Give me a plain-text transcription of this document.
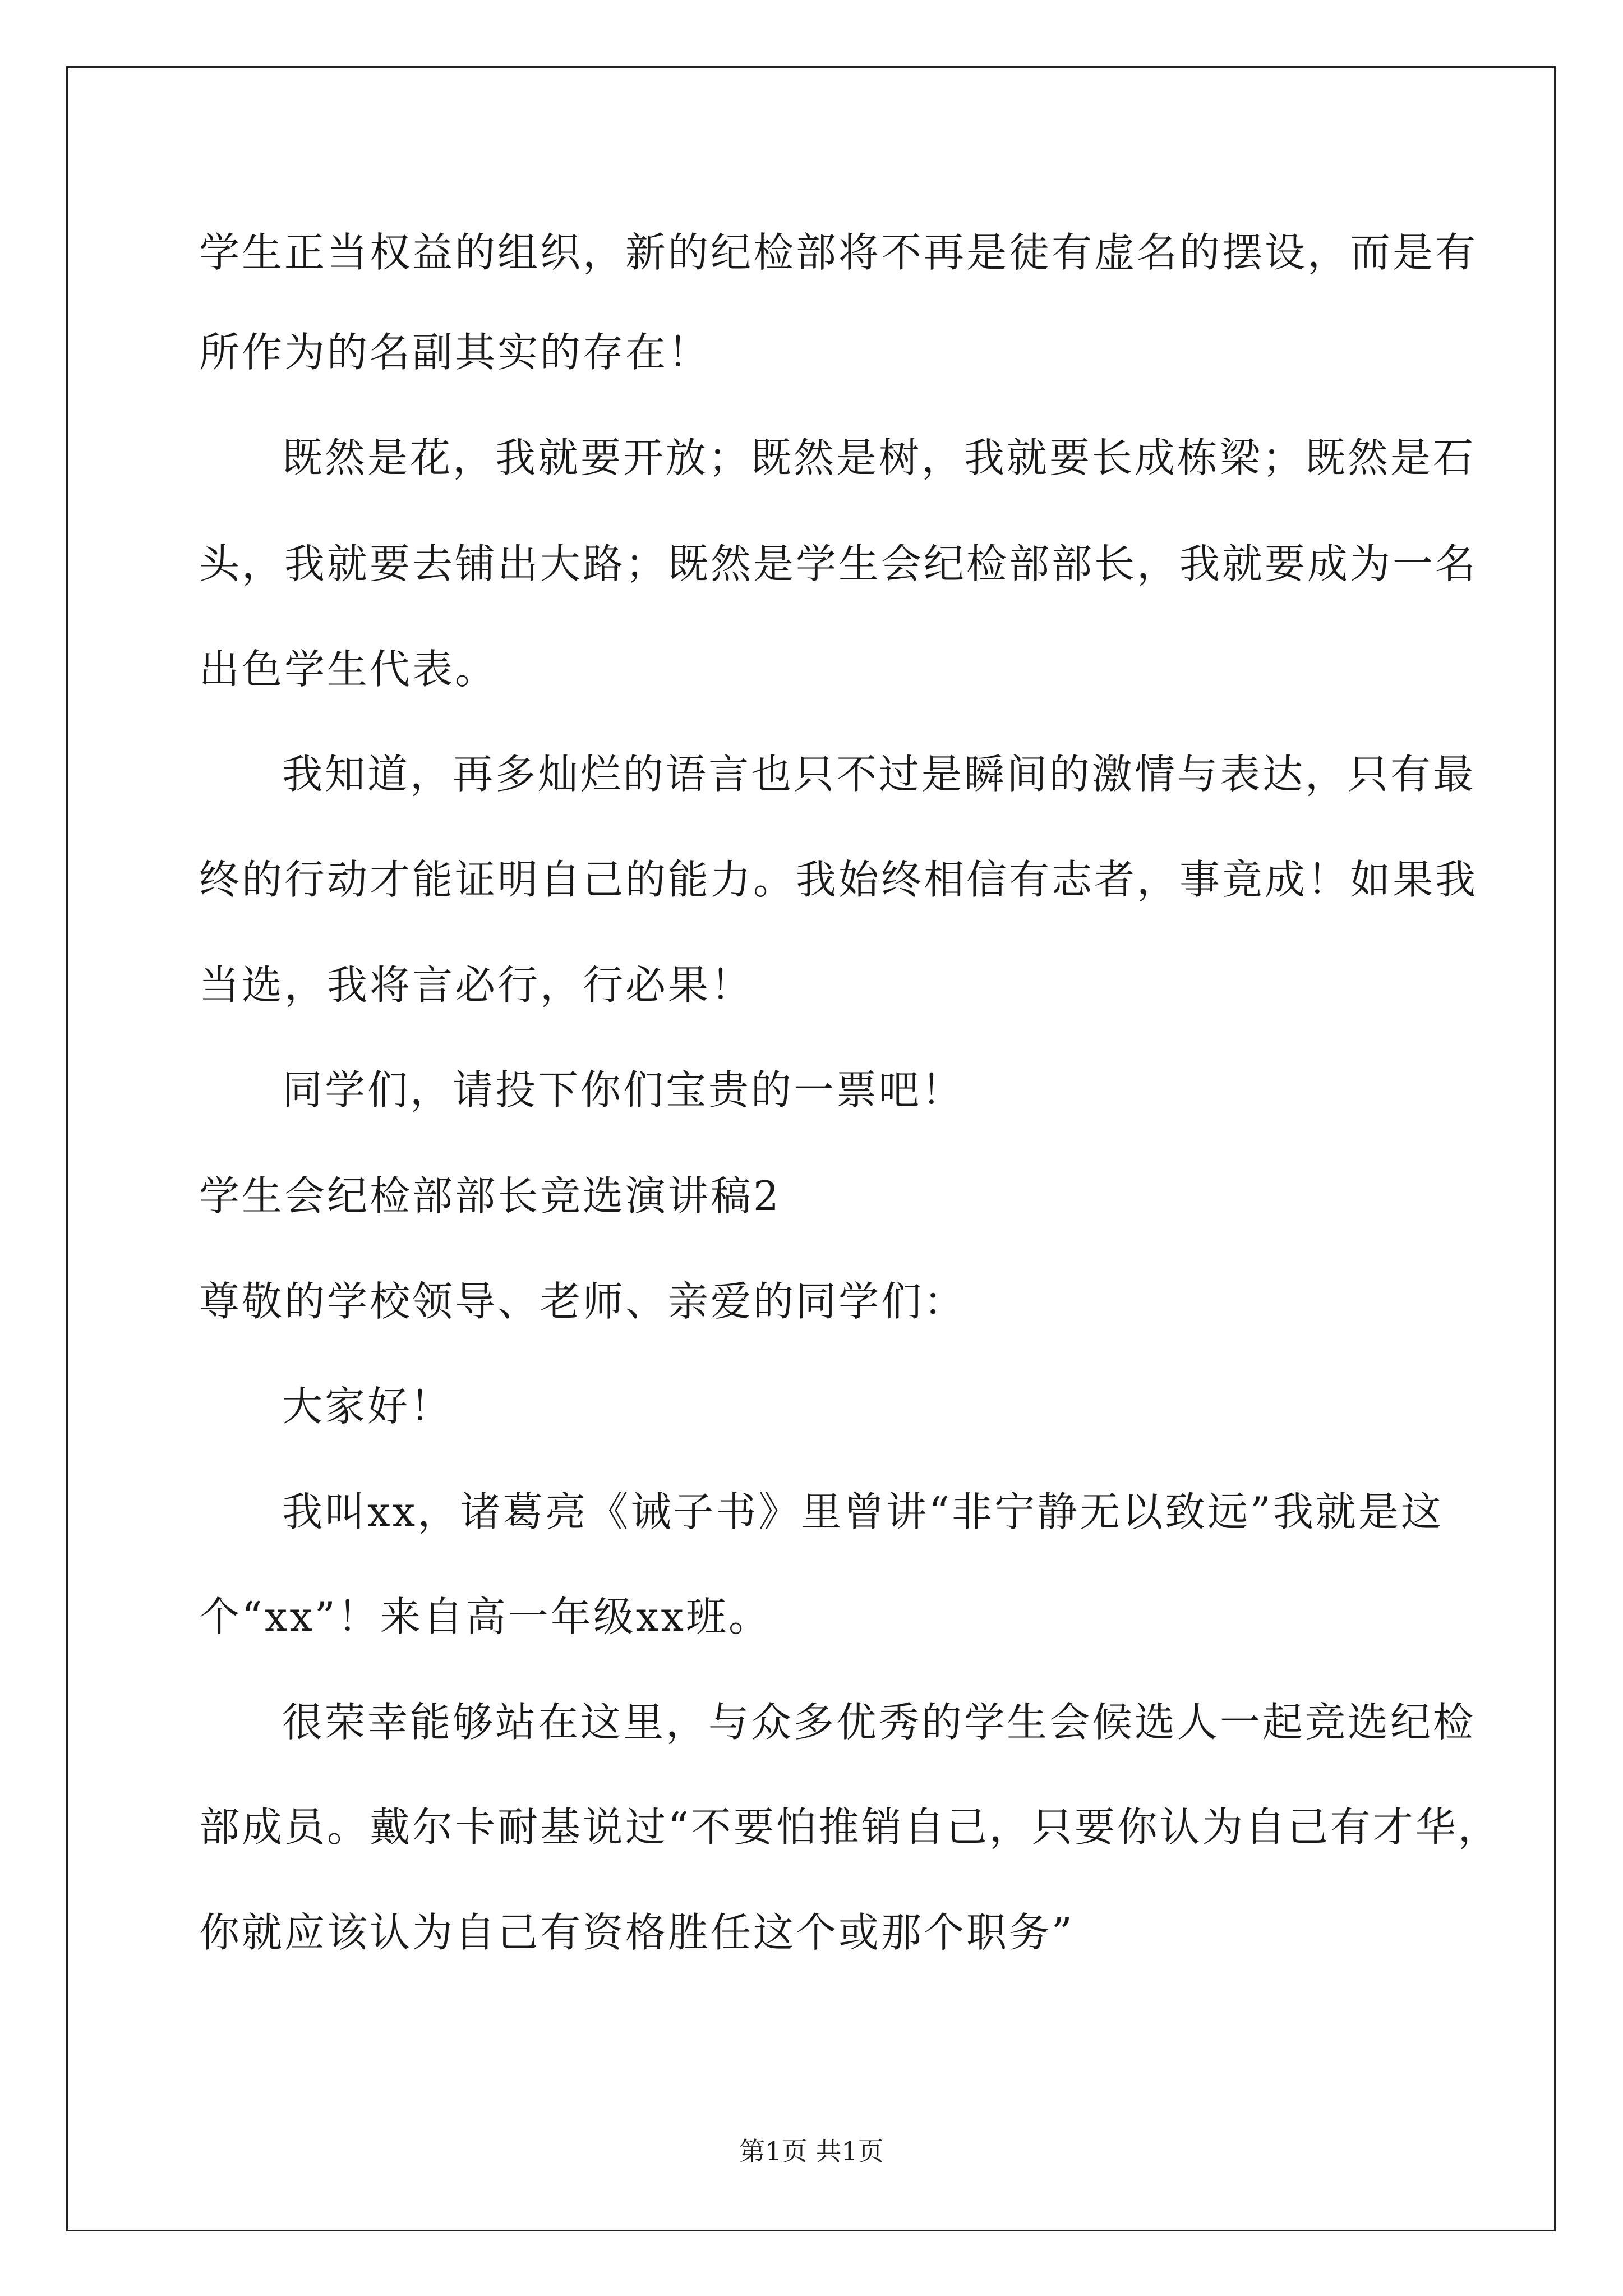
学生正当权益的组织，新的纪检部将不再是徒有虚名的摆设，而是有
所作为的名副其实的存在！
既然是花，我就要开放；既然是树，我就要长成栋梁；既然是石
头，我就要去铺出大路；既然是学生会纪检部部长，我就要成为一名
出色学生代表。
我知道，再多灿烂的语言也只不过是瞬间的激情与表达，只有最
终的行动才能证明自己的能力。我始终相信有志者，事竟成！如果我
当选，我将言必行，行必果！
同学们，请投下你们宝贵的一票吧！
学生会纪检部部长竞选演讲稿2
尊敬的学校领导、老师、亲爱的同学们：
大家好！
我叫xx，诸葛亮《诫子书》里曾讲“非宁静无以致远”我就是这
个“xx”！来自高一年级xx班。
很荣幸能够站在这里，与众多优秀的学生会候选人一起竞选纪检
部成员。戴尔卡耐基说过“不要怕推销自己，只要你认为自己有才华，
你就应该认为自己有资格胜任这个或那个职务”
第1页 共1页
